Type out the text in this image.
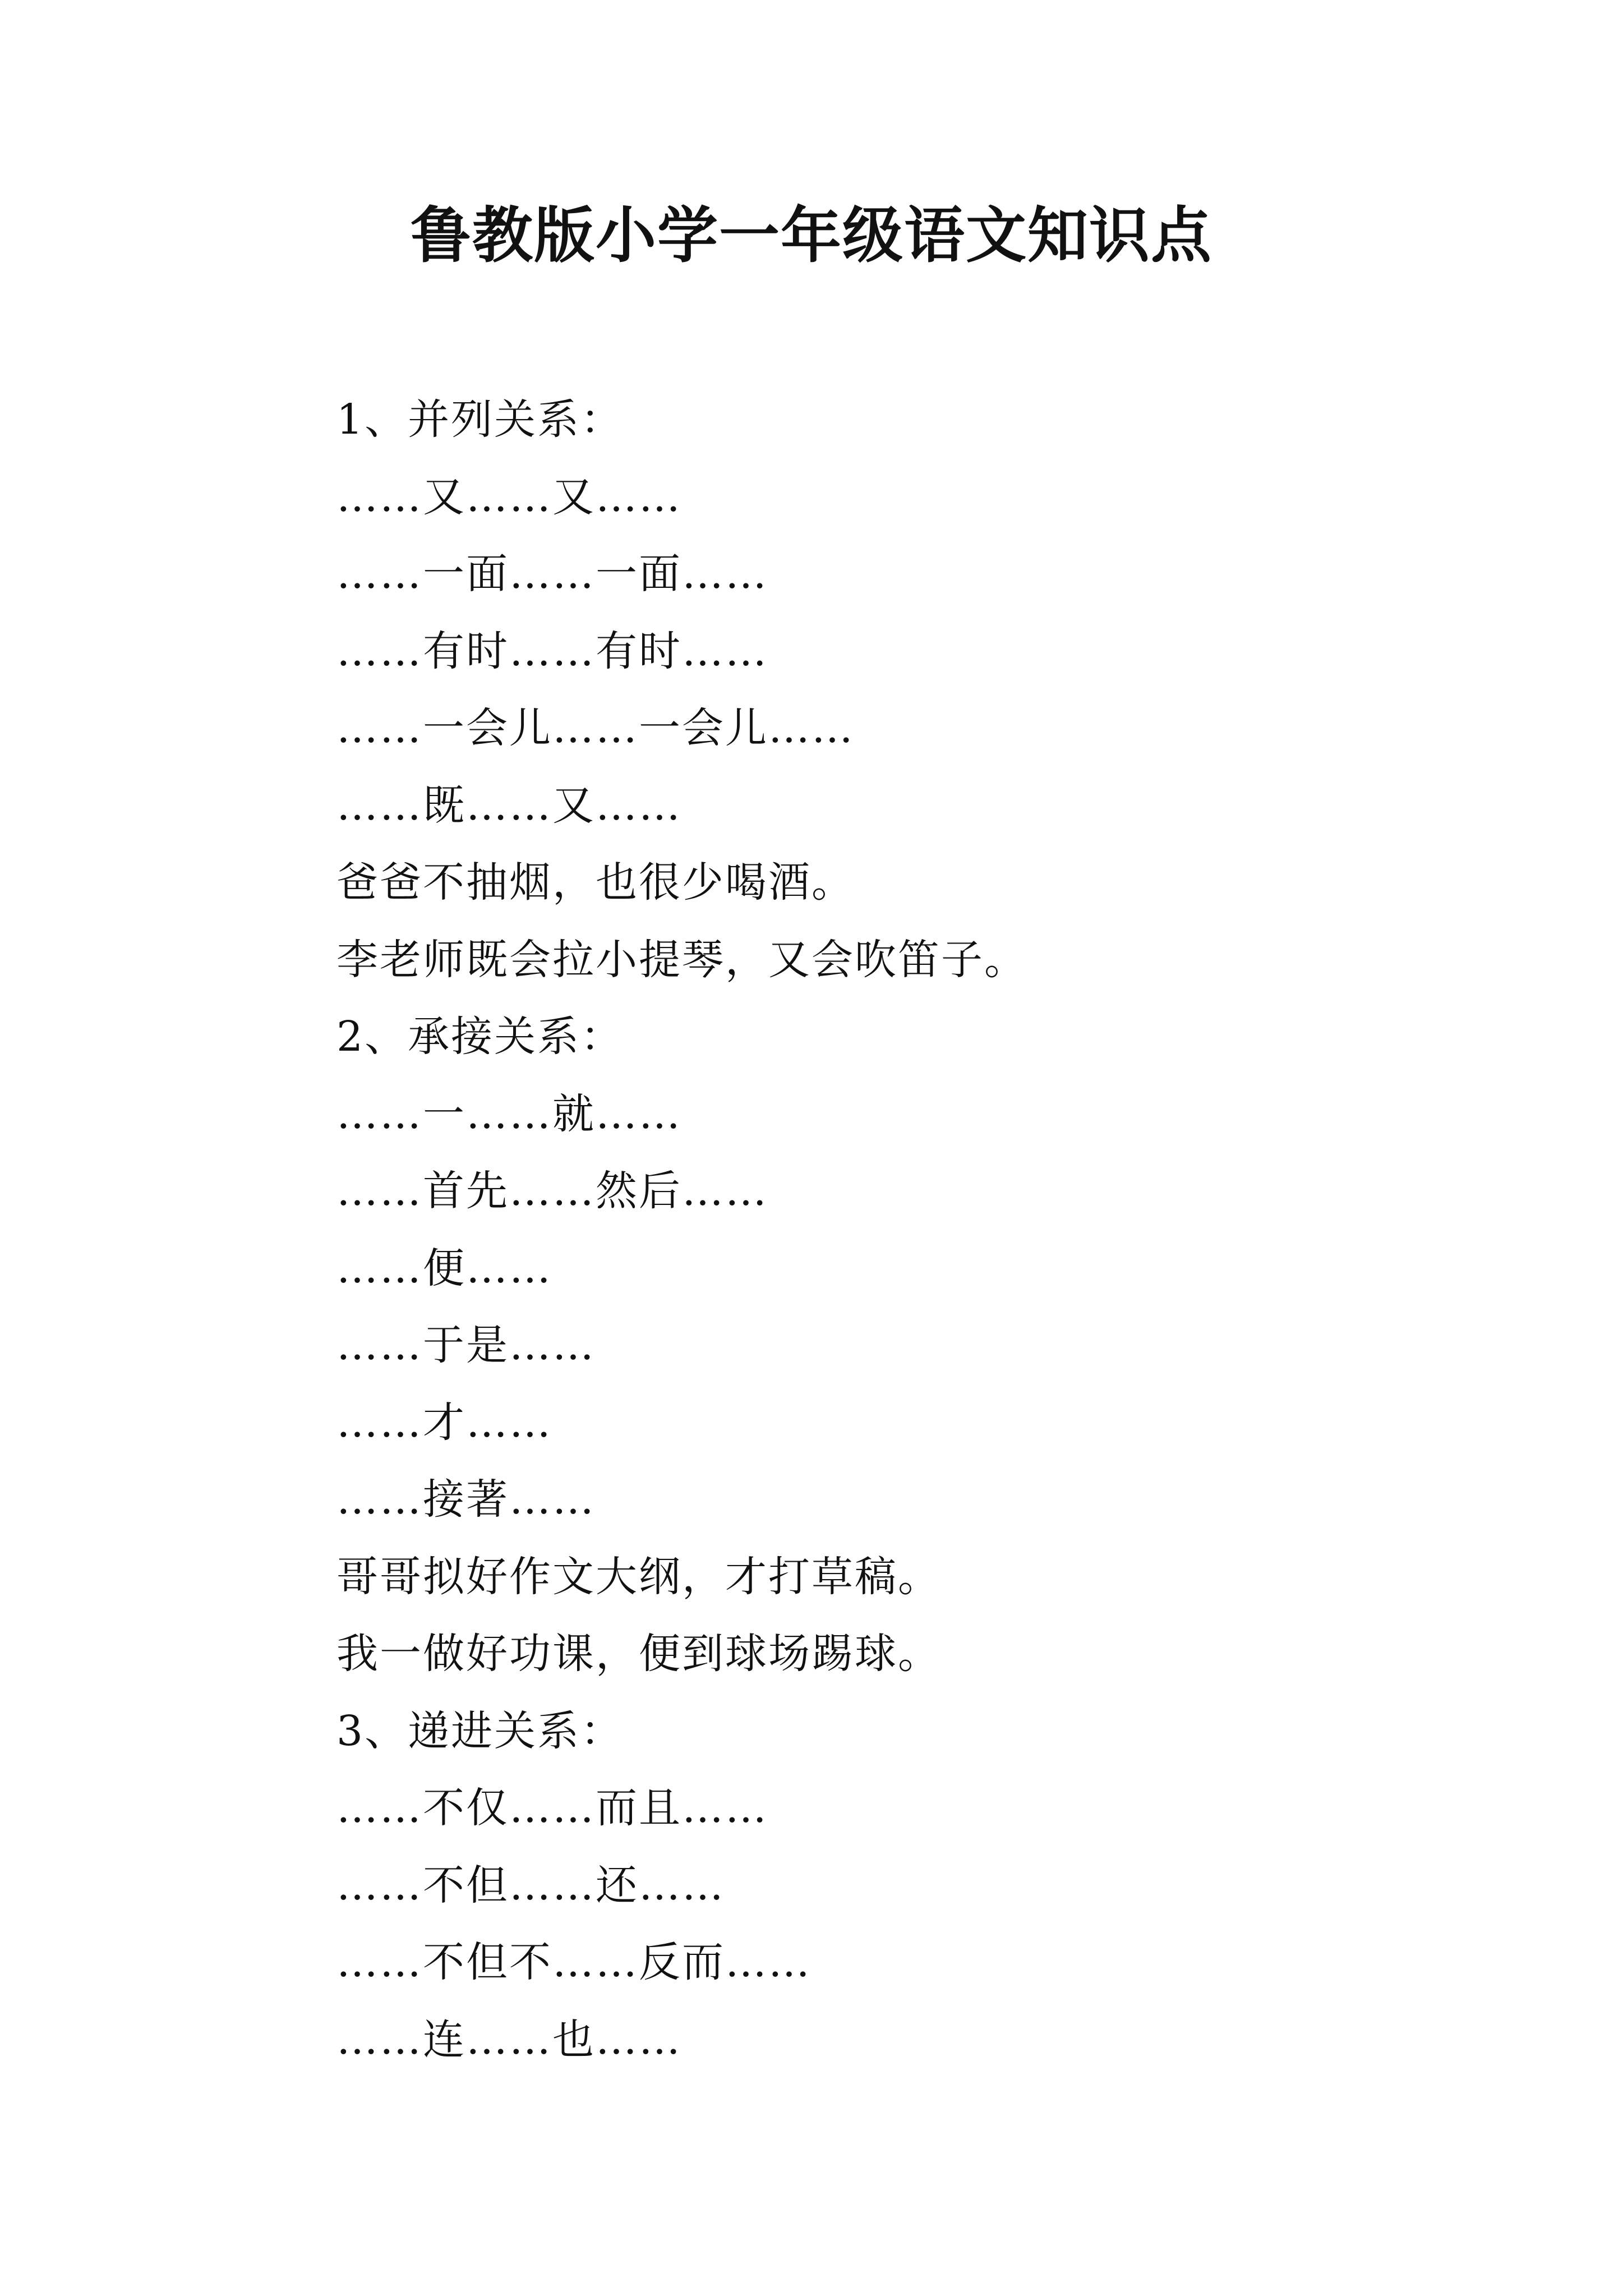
鲁教版小学一年级语文知识点
1、并列关系：
……又……又……
……一面……一面……
……有时……有时……
……一会儿……一会儿……
……既……又……
爸爸不抽烟，也很少喝酒。
李老师既会拉小提琴，又会吹笛子。
2、承接关系：
……一……就……
……首先……然后……
……便……
……于是……
……才……
……接著……
哥哥拟好作文大纲，才打草稿。
我一做好功课，便到球场踢球。
3、递进关系：
……不仅……而且……
……不但……还……
……不但不……反而……
……连……也……
